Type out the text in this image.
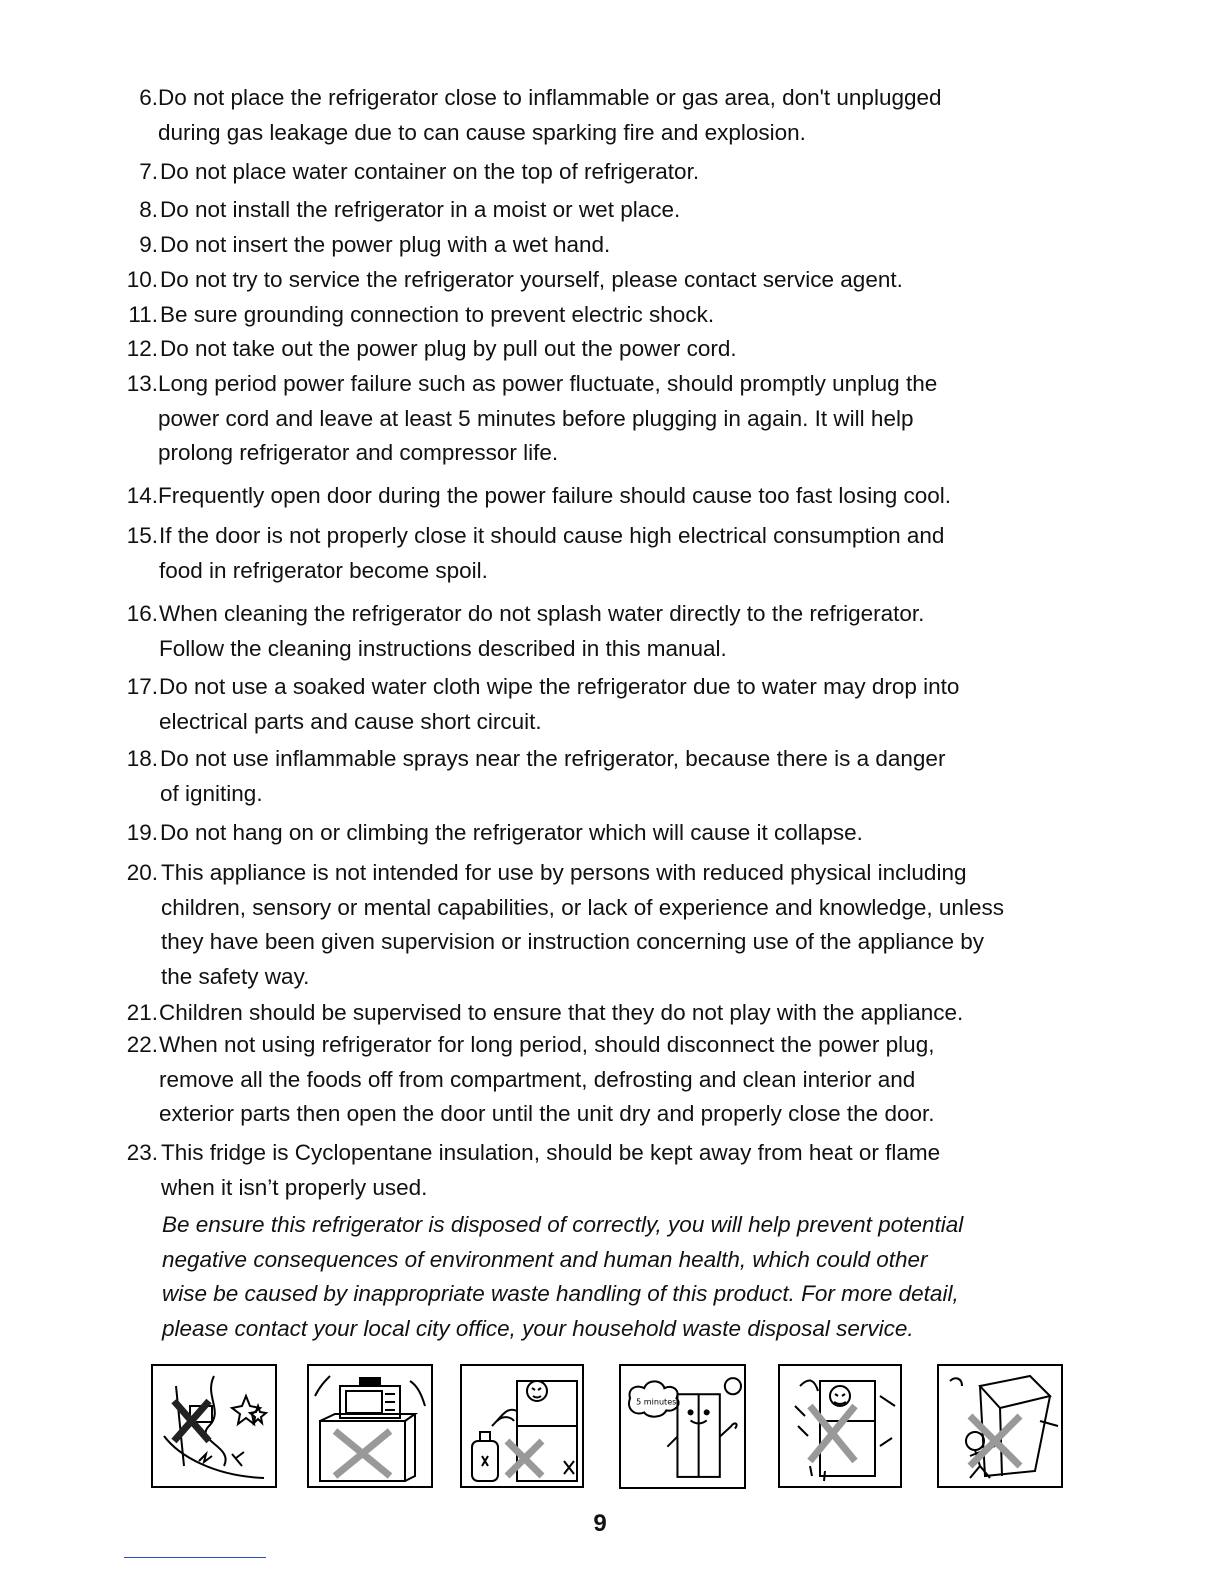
6. Do not place the refrigerator close to inflammable or gas area, don't unplugged
during gas leakage due to can cause sparking fire and explosion.
7. Do not place water container on the top of refrigerator.
8. Do not install the refrigerator in a moist or wet place.
9. Do not insert the power plug with a wet hand.
10. Do not try to service the refrigerator yourself, please contact service agent.
11. Be sure grounding connection to prevent electric shock.
12. Do not take out the power plug by pull out the power cord.
13. Long period power failure such as power fluctuate, should promptly unplug the
power cord and leave at least 5 minutes before plugging in again. It will help
prolong refrigerator and compressor life.
14. Frequently open door during the power failure should cause too fast losing cool.
15. If the door is not properly close it should cause high electrical consumption and
food in refrigerator become spoil.
16. When cleaning the refrigerator do not splash water directly to the refrigerator.
Follow the cleaning instructions described in this manual.
17. Do not use a soaked water cloth wipe the refrigerator due to water may drop into
electrical parts and cause short circuit.
18. Do not use inflammable sprays near the refrigerator, because there is a danger
of igniting.
19. Do not hang on or climbing the refrigerator which will cause it collapse.
20. This appliance is not intended for use by persons with reduced physical including
children, sensory or mental capabilities, or lack of experience and knowledge, unless
they have been given supervision or instruction concerning use of the appliance by
the safety way.
21. Children should be supervised to ensure that they do not play with the appliance.
22. When not using refrigerator for long period, should disconnect the power plug,
remove all the foods off from compartment, defrosting and clean interior and
exterior parts then open the door until the unit dry and properly close the door.
23. This fridge is Cyclopentane insulation, should be kept away from heat or flame
when it isn’t properly used.
Be ensure this refrigerator is disposed of correctly, you will help prevent potential
negative consequences of environment and human health, which could other
wise be caused by inappropriate waste handling of this product. For more detail,
please contact your local city office, your household waste disposal service.
5 minutes
9
